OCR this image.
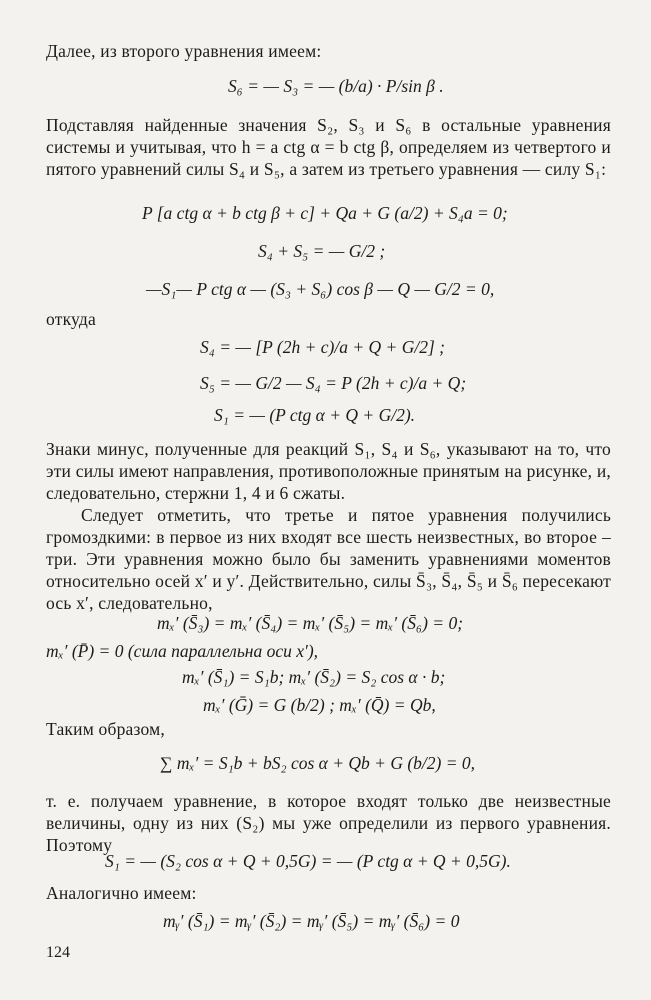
Далее, из второго уравнения имеем:
S₆ = — S₃ = — (b/a) · P/sin β .
Подставляя найденные значения S₂, S₃ и S₆ в остальные уравнения системы и учитывая, что h = a ctg α = b ctg β, определяем из четвертого и пятого уравнений силы S₄ и S₅, а затем из третьего уравнения — силу S₁:
P [a ctg α + b ctg β + c] + Qa + G (a/2) + S₄a = 0;
S₄ + S₅ = — G/2 ;
—S₁— P ctg α — (S₃ + S₆) cos β — Q — G/2 = 0,
откуда
S₄ = — [P (2h + c)/a + Q + G/2] ;
S₅ = — G/2 — S₄ = P (2h + c)/a + Q;
S₁ = — (P ctg α + Q + G/2).
Знаки минус, полученные для реакций S₁, S₄ и S₆, указывают на то, что эти силы имеют направления, противоположные принятым на рисунке, и, следовательно, стержни 1, 4 и 6 сжаты.
Следует отметить, что третье и пятое уравнения получились громоздкими: в первое из них входят все шесть неизвестных, во второе – три. Эти уравнения можно было бы заменить уравнениями моментов относительно осей x′ и y′. Действительно, силы S̄₃, S̄₄, S̄₅ и S̄₆ пересекают ось x′, следовательно,
mₓ′ (S̄₃) = mₓ′ (S̄₄) = mₓ′ (S̄₅) = mₓ′ (S̄₆) = 0;
mₓ′ (P̄) = 0 (сила параллельна оси x′),
mₓ′ (S̄₁) = S₁b; mₓ′ (S̄₂) = S₂ cos α · b;
mₓ′ (Ḡ) = G (b/2) ; mₓ′ (Q̄) = Qb,
Таким образом,
∑ mₓ′ = S₁b + bS₂ cos α + Qb + G (b/2) = 0,
т. е. получаем уравнение, в которое входят только две неизвестные величины, одну из них (S₂) мы уже определили из первого уравнения. Поэтому
S₁ = — (S₂ cos α + Q + 0,5G) = — (P ctg α + Q + 0,5G).
Аналогично имеем:
mᵧ′ (S̄₁) = mᵧ′ (S̄₂) = mᵧ′ (S̄₅) = mᵧ′ (S̄₆) = 0
124
